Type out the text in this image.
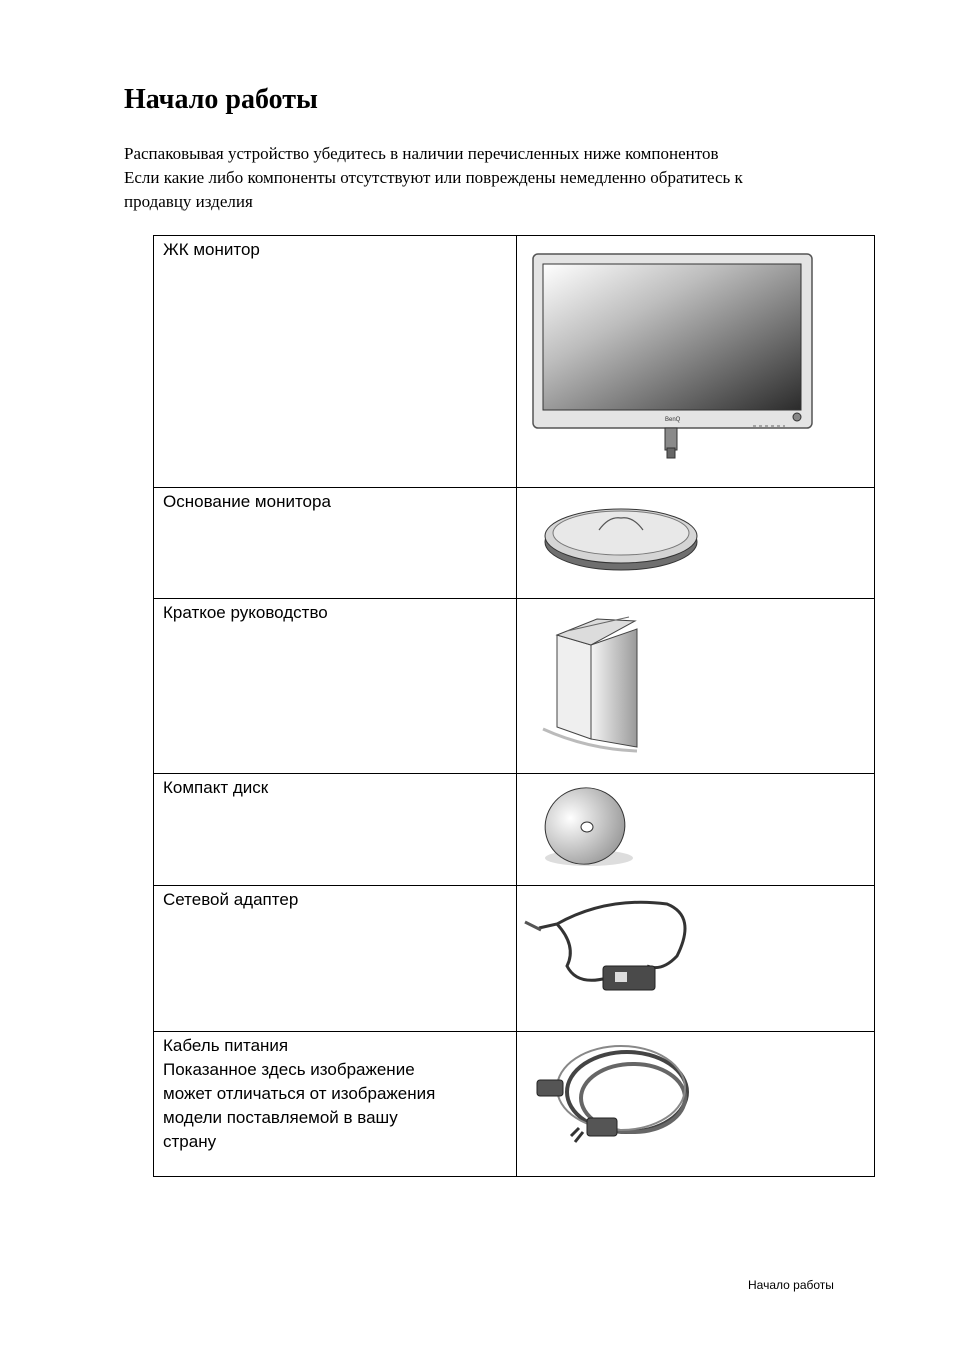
Начало работы

Распаковывая устройство убедитесь в наличии перечисленных ниже компонентов
Если какие либо компоненты отсутствуют или повреждены немедленно обратитесь к
продавцу изделия

ЖК монитор	BenQ

Основание монитора

Краткое руководство

Компакт диск

Сетевой адаптер

Кабель питания
Показанное здесь изображение
может отличаться от изображения
модели поставляемой в вашу
страну

Начало работы
